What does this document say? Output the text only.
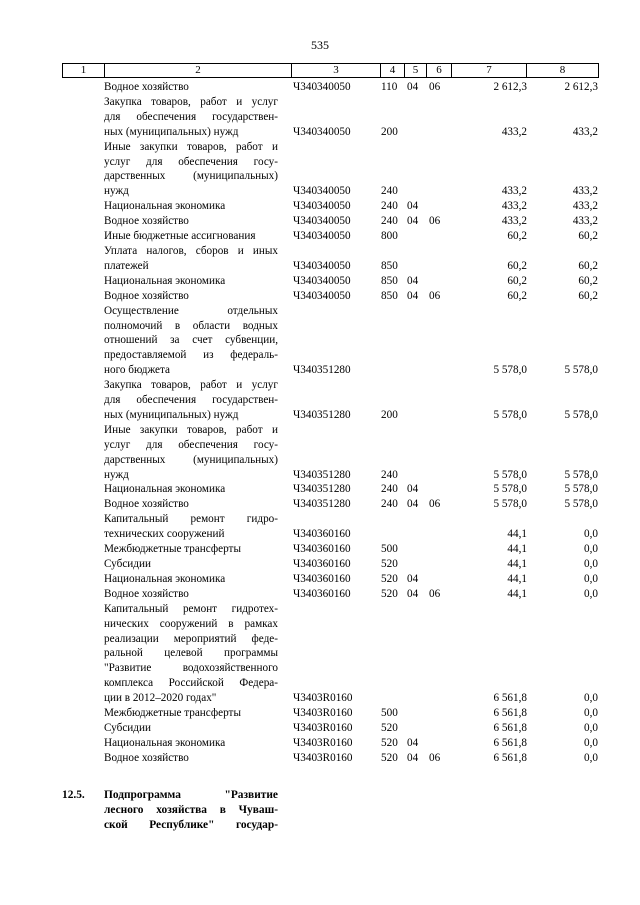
535
1	2	3	4	5	6	7	8
Водное хозяйство	Ч340340050	110 04 06	2 612,3	2 612,3
Закупка товаров, работ и услуг
для обеспечения государствен-
ных (муниципальных) нужд	Ч340340050	200	433,2	433,2
Иные закупки товаров, работ и
услуг для обеспечения госу-
дарственных (муниципальных)
нужд	Ч340340050	240	433,2	433,2
Национальная экономика	Ч340340050	240 04	433,2	433,2
Водное хозяйство	Ч340340050	240 04 06	433,2	433,2
Иные бюджетные ассигнования	Ч340340050	800	60,2	60,2
Уплата налогов, сборов и иных
платежей	Ч340340050	850	60,2	60,2
Национальная экономика	Ч340340050	850 04	60,2	60,2
Водное хозяйство	Ч340340050	850 04 06	60,2	60,2
Осуществление отдельных
полномочий в области водных
отношений за счет субвенции,
предоставляемой из федераль-
ного бюджета	Ч340351280	5 578,0	5 578,0
Закупка товаров, работ и услуг
для обеспечения государствен-
ных (муниципальных) нужд	Ч340351280	200	5 578,0	5 578,0
Иные закупки товаров, работ и
услуг для обеспечения госу-
дарственных (муниципальных)
нужд	Ч340351280	240	5 578,0	5 578,0
Национальная экономика	Ч340351280	240 04	5 578,0	5 578,0
Водное хозяйство	Ч340351280	240 04 06	5 578,0	5 578,0
Капитальный ремонт гидро-
технических сооружений	Ч340360160	44,1	0,0
Межбюджетные трансферты	Ч340360160	500	44,1	0,0
Субсидии	Ч340360160	520	44,1	0,0
Национальная экономика	Ч340360160	520 04	44,1	0,0
Водное хозяйство	Ч340360160	520 04 06	44,1	0,0
Капитальный ремонт гидротех-
нических сооружений в рамках
реализации мероприятий феде-
ральной целевой программы
"Развитие водохозяйственного
комплекса Российской Федера-
ции в 2012–2020 годах"	Ч3403R0160	6 561,8	0,0
Межбюджетные трансферты	Ч3403R0160	500	6 561,8	0,0
Субсидии	Ч3403R0160	520	6 561,8	0,0
Национальная экономика	Ч3403R0160	520 04	6 561,8	0,0
Водное хозяйство	Ч3403R0160	520 04 06	6 561,8	0,0
12.5. Подпрограмма "Развитие
лесного хозяйства в Чуваш-
ской Республике" государ-
